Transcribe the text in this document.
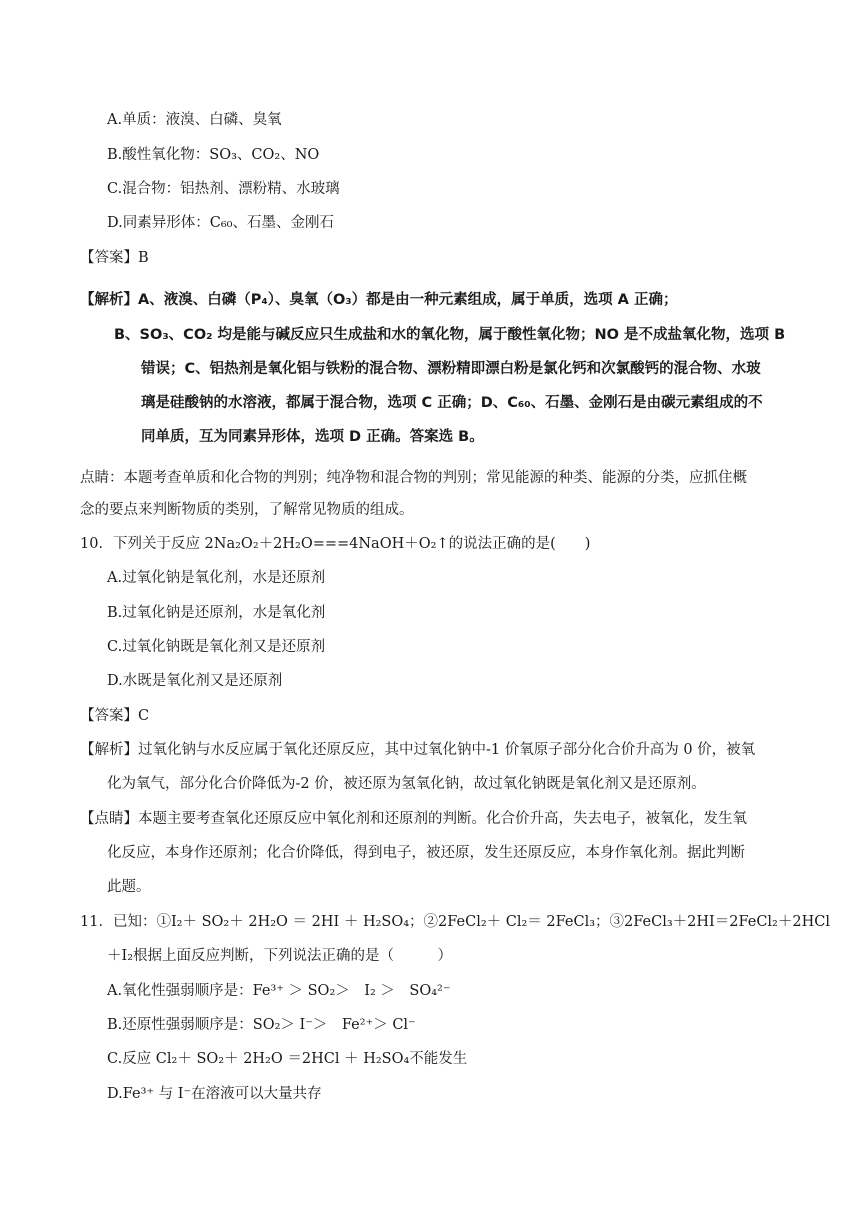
A.单质：液溴、白磷、臭氧
B.酸性氧化物：SO₃、CO₂、NO
C.混合物：铝热剂、漂粉精、水玻璃
D.同素异形体：C₆₀、石墨、金刚石
【答案】B
【解析】A、液溴、白磷（P₄）、臭氧（O₃）都是由一种元素组成，属于单质，选项 A 正确；
B、SO₃、CO₂ 均是能与碱反应只生成盐和水的氧化物，属于酸性氧化物；NO 是不成盐氧化物，选项 B
错误；C、铝热剂是氧化铝与铁粉的混合物、漂粉精即漂白粉是氯化钙和次氯酸钙的混合物、水玻
璃是硅酸钠的水溶液，都属于混合物，选项 C 正确；D、C₆₀、石墨、金刚石是由碳元素组成的不
同单质，互为同素异形体，选项 D 正确。答案选 B。
点睛：本题考查单质和化合物的判别；纯净物和混合物的判别；常见能源的种类、能源的分类，应抓住概
念的要点来判断物质的类别，了解常见物质的组成。
10．下列关于反应 2Na₂O₂＋2H₂O===4NaOH＋O₂↑的说法正确的是(　　)
A.过氧化钠是氧化剂，水是还原剂
B.过氧化钠是还原剂，水是氧化剂
C.过氧化钠既是氧化剂又是还原剂
D.水既是氧化剂又是还原剂
【答案】C
【解析】过氧化钠与水反应属于氧化还原反应，其中过氧化钠中-1 价氧原子部分化合价升高为 0 价，被氧
化为氧气，部分化合价降低为-2 价，被还原为氢氧化钠，故过氧化钠既是氧化剂又是还原剂。
【点睛】本题主要考查氧化还原反应中氧化剂和还原剂的判断。化合价升高，失去电子，被氧化，发生氧
化反应，本身作还原剂；化合价降低，得到电子，被还原，发生还原反应，本身作氧化剂。据此判断
此题。
11．已知：①I₂＋ SO₂＋ 2H₂O ＝ 2HI ＋ H₂SO₄；②2FeCl₂＋ Cl₂＝ 2FeCl₃；③2FeCl₃＋2HI＝2FeCl₂＋2HCl
＋I₂根据上面反应判断，下列说法正确的是（　　　）
A.氧化性强弱顺序是：Fe³⁺ ＞ SO₂＞　I₂ ＞　SO₄²⁻
B.还原性强弱顺序是：SO₂＞ I⁻＞　Fe²⁺＞ Cl⁻
C.反应 Cl₂＋ SO₂＋ 2H₂O ＝2HCl ＋ H₂SO₄不能发生
D.Fe³⁺ 与 I⁻在溶液可以大量共存
